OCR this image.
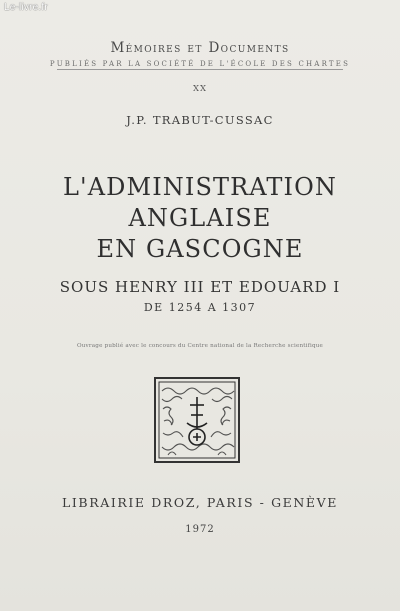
Le-livre.fr
Mémoires et Documents
PUBLIÉS PAR LA SOCIÉTÉ DE L'ÉCOLE DES CHARTES
XX
J.P. TRABUT-CUSSAC
L'ADMINISTRATION
ANGLAISE
EN GASCOGNE
SOUS HENRY III ET EDOUARD I
DE 1254 A 1307
Ouvrage publié avec le concours du Centre national de la Recherche scientifique
LIBRAIRIE DROZ, PARIS - GENÈVE
1972
